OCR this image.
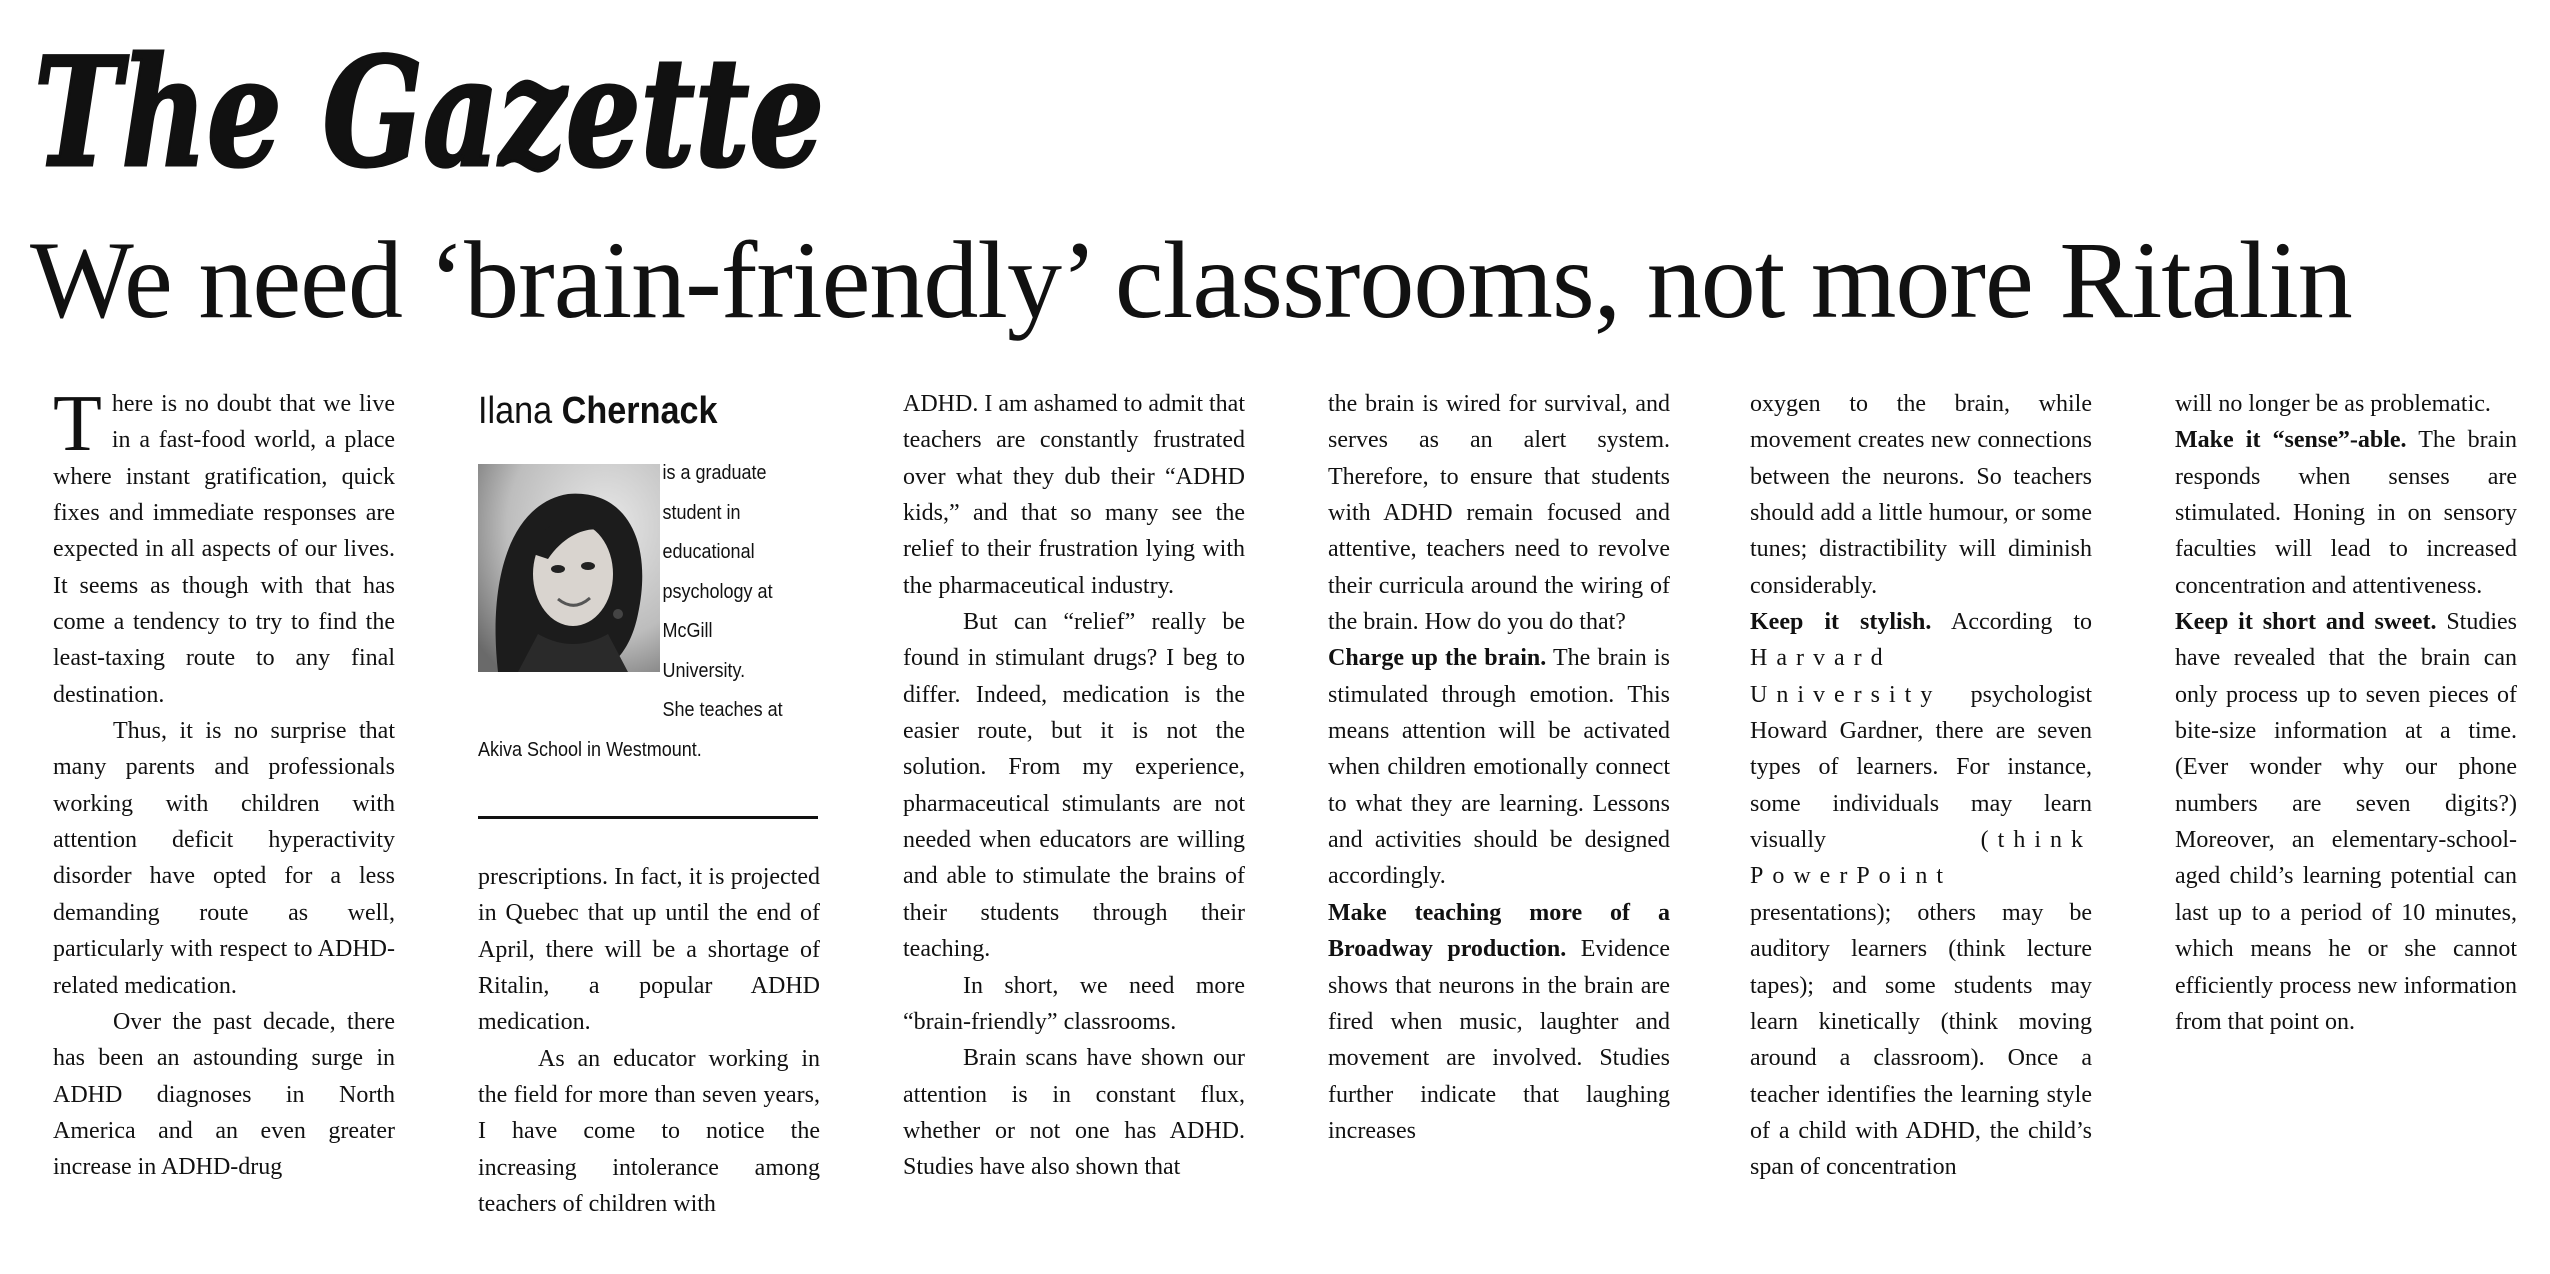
The Gazette
We need ‘brain-friendly’ classrooms, not more Ritalin

There is no doubt that we live in a fast-food world, a place where instant gratification, quick fixes and immediate responses are expected in all aspects of our lives. It seems as though with that has come a tendency to try to find the least-taxing route to any final destination.

Thus, it is no surprise that many parents and professionals working with children with attention deficit hyperactivity disorder have opted for a less demanding route as well, particularly with respect to ADHD-related medication.

Over the past decade, there has been an astounding surge in ADHD diagnoses in North America and an even greater increase in ADHD-drug

Ilana Chernack
is a graduate
student in
educational
psychology at
McGill
University.
She teaches at
Akiva School in Westmount.

prescriptions. In fact, it is projected in Quebec that up until the end of April, there will be a shortage of Ritalin, a popular ADHD medication.

As an educator working in the field for more than seven years, I have come to notice the increasing intolerance among teachers of children with

ADHD. I am ashamed to admit that teachers are constantly frustrated over what they dub their “ADHD kids,” and that so many see the relief to their frustration lying with the pharmaceutical industry.

But can “relief” really be found in stimulant drugs? I beg to differ. Indeed, medication is the easier route, but it is not the solution. From my experience, pharmaceutical stimulants are not needed when educators are willing and able to stimulate the brains of their students through their teaching.

In short, we need more “brain-friendly” classrooms.

Brain scans have shown our attention is in constant flux, whether or not one has ADHD. Studies have also shown that

the brain is wired for survival, and serves as an alert system. Therefore, to ensure that students with ADHD remain focused and attentive, teachers need to revolve their curricula around the wiring of the brain. How do you do that?

Charge up the brain. The brain is stimulated through emotion. This means attention will be activated when children emotionally connect to what they are learning. Lessons and activities should be designed accordingly.

Make teaching more of a Broadway production. Evidence shows that neurons in the brain are fired when music, laughter and movement are involved. Studies further indicate that laughing increases

oxygen to the brain, while movement creates new connections between the neurons. So teachers should add a little humour, or some tunes; distractibility will diminish considerably.

Keep it stylish. According to Harvard University psychologist Howard Gardner, there are seven types of learners. For instance, some individuals may learn visually (think PowerPoint presentations); others may be auditory learners (think lecture tapes); and some students may learn kinetically (think moving around a classroom). Once a teacher identifies the learning style of a child with ADHD, the child’s span of concentration

will no longer be as problematic.

Make it “sense”-able. The brain responds when senses are stimulated. Honing in on sensory faculties will lead to increased concentration and attentiveness.

Keep it short and sweet. Studies have revealed that the brain can only process up to seven pieces of bite-size information at a time. (Ever wonder why our phone numbers are seven digits?) Moreover, an elementary-school-aged child’s learning potential can last up to a period of 10 minutes, which means he or she cannot efficiently process new information from that point on.
